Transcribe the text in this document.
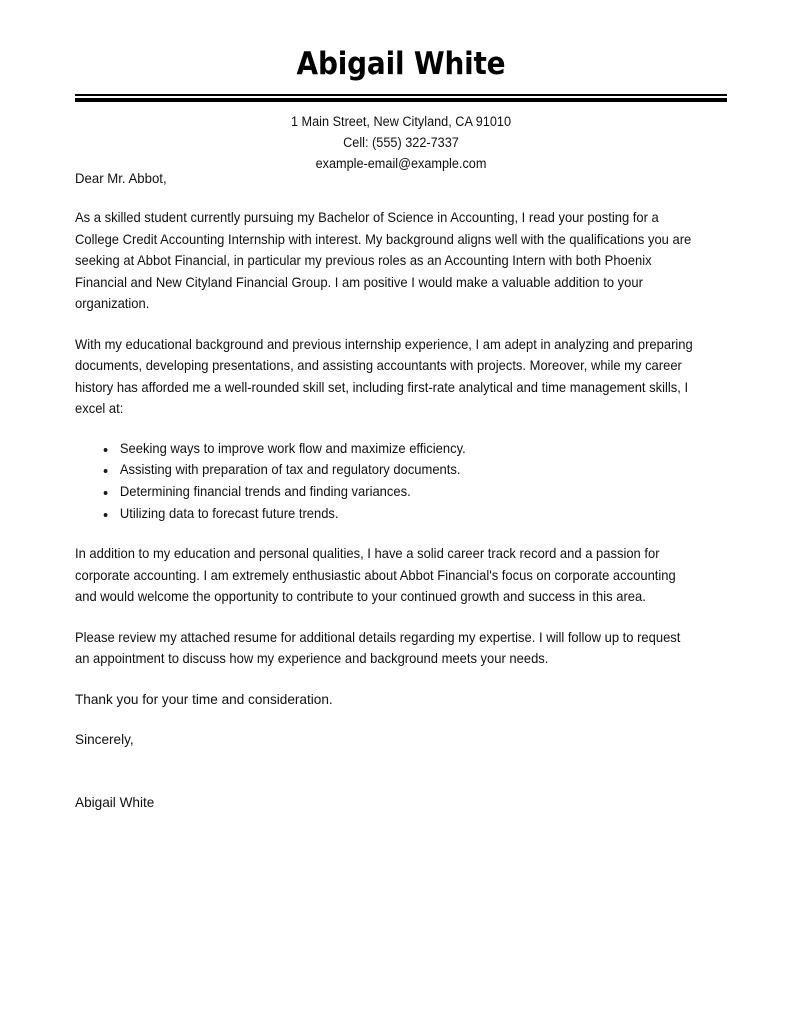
Abigail White
1 Main Street, New Cityland, CA 91010
Cell: (555) 322-7337
example-email@example.com

Dear Mr. Abbot,

As a skilled student currently pursuing my Bachelor of Science in Accounting, I read your posting for a College Credit Accounting Internship with interest. My background aligns well with the qualifications you are seeking at Abbot Financial, in particular my previous roles as an Accounting Intern with both Phoenix Financial and New Cityland Financial Group. I am positive I would make a valuable addition to your organization.

With my educational background and previous internship experience, I am adept in analyzing and preparing documents, developing presentations, and assisting accountants with projects. Moreover, while my career history has afforded me a well-rounded skill set, including first-rate analytical and time management skills, I excel at:

Seeking ways to improve work flow and maximize efficiency.
Assisting with preparation of tax and regulatory documents.
Determining financial trends and finding variances.
Utilizing data to forecast future trends.

In addition to my education and personal qualities, I have a solid career track record and a passion for corporate accounting. I am extremely enthusiastic about Abbot Financial's focus on corporate accounting and would welcome the opportunity to contribute to your continued growth and success in this area.

Please review my attached resume for additional details regarding my expertise. I will follow up to request an appointment to discuss how my experience and background meets your needs.

Thank you for your time and consideration.

Sincerely,

Abigail White
